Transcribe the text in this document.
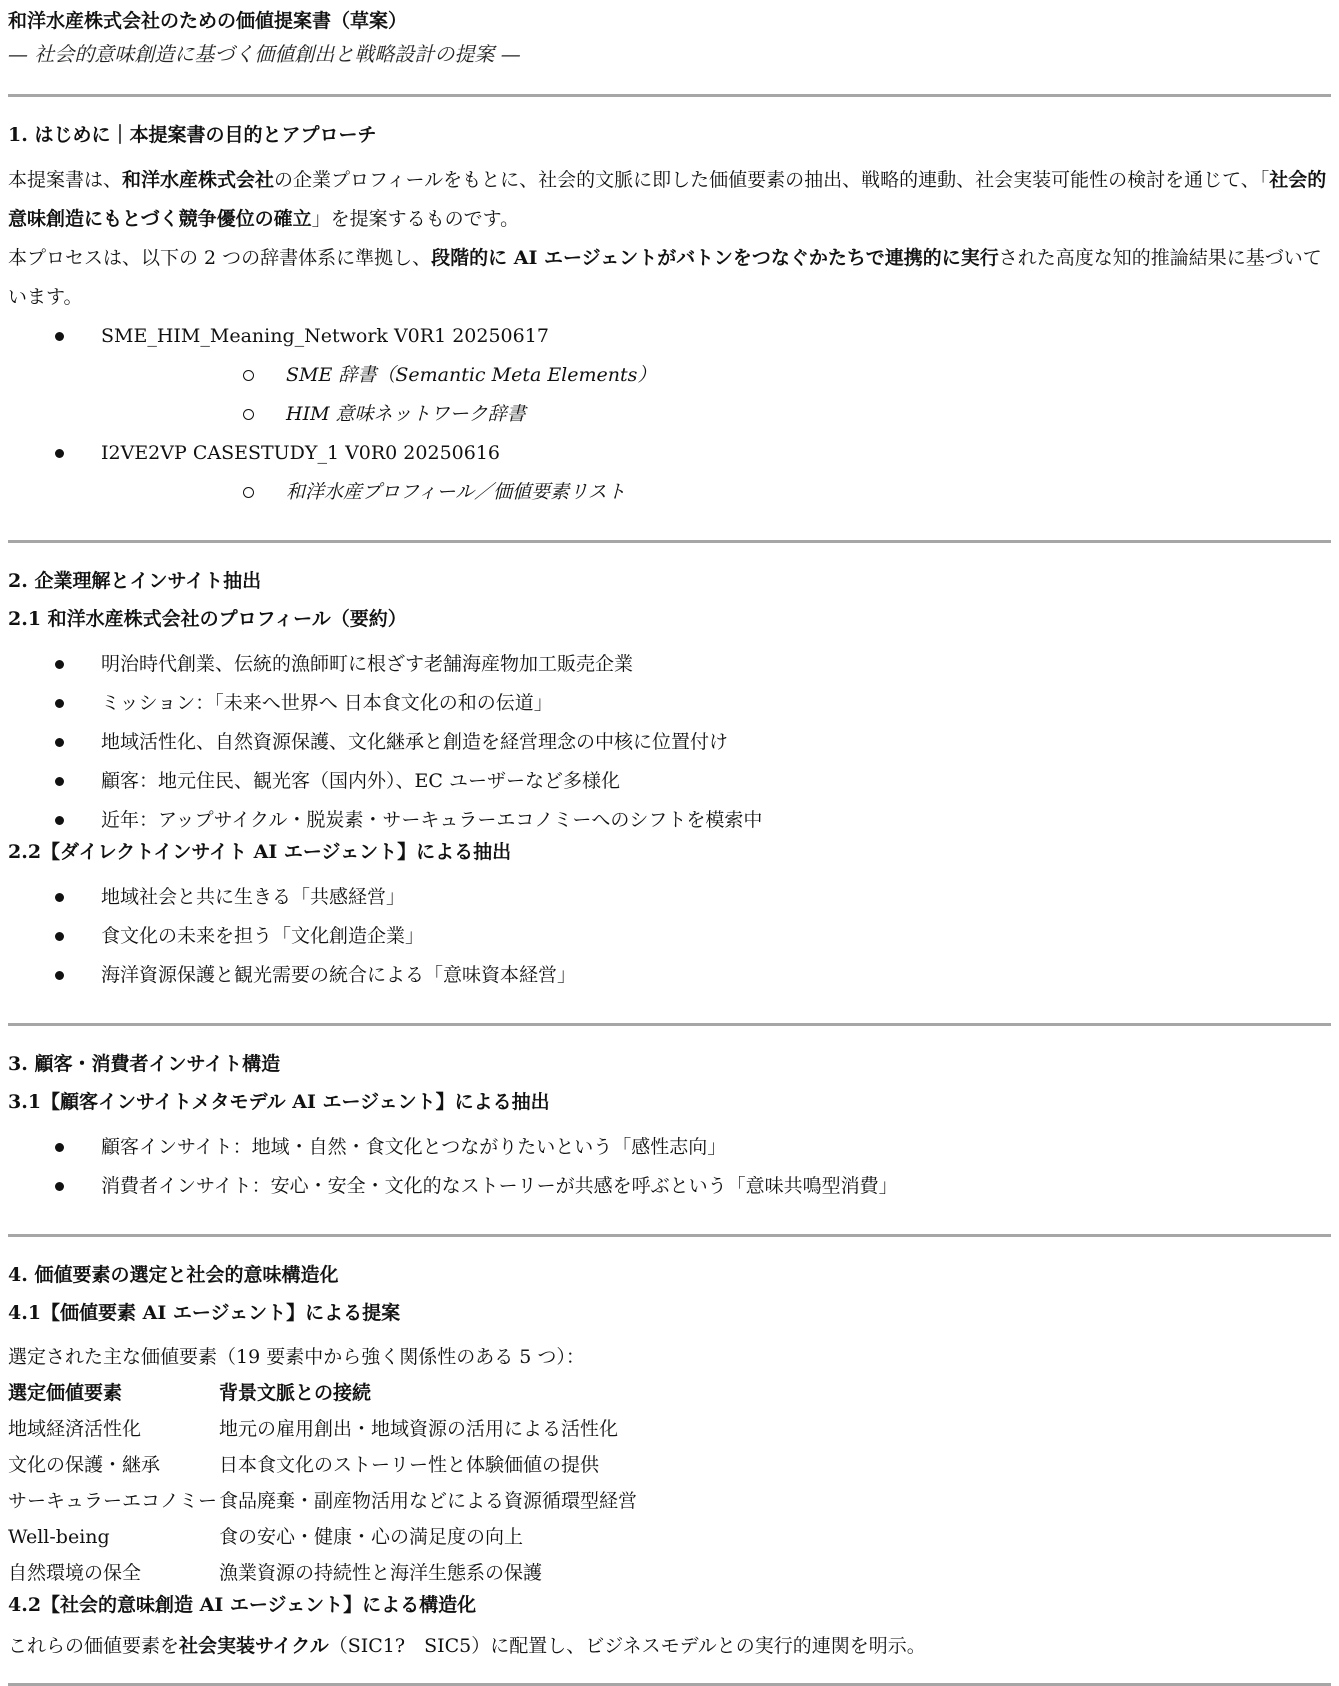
和洋水産株式会社のための価値提案書（草案）
— 社会的意味創造に基づく価値創出と戦略設計の提案 —
1. はじめに｜本提案書の目的とアプローチ

本提案書は、和洋水産株式会社の企業プロフィールをもとに、社会的文脈に即した価値要素の抽出、戦略的連動、社会実装可能性の検討を通じて、「社会的意味創造にもとづく競争優位の確立」を提案するものです。

本プロセスは、以下の 2 つの辞書体系に準拠し、段階的に AI エージェントがバトンをつなぐかたちで連携的に実行された高度な知的推論結果に基づいています。

SME_HIM_Meaning_Network V0R1 20250617
SME 辞書（Semantic Meta Elements）
HIM 意味ネットワーク辞書
I2VE2VP CASESTUDY_1 V0R0 20250616
和洋水産プロフィール／価値要素リスト
2. 企業理解とインサイト抽出
2.1 和洋水産株式会社のプロフィール（要約）
明治時代創業、伝統的漁師町に根ざす老舗海産物加工販売企業
ミッション：「未来へ世界へ 日本食文化の和の伝道」
地域活性化、自然資源保護、文化継承と創造を経営理念の中核に位置付け
顧客：地元住民、観光客（国内外）、EC ユーザーなど多様化
近年：アップサイクル・脱炭素・サーキュラーエコノミーへのシフトを模索中
2.2【ダイレクトインサイト AI エージェント】による抽出
地域社会と共に生きる「共感経営」
食文化の未来を担う「文化創造企業」
海洋資源保護と観光需要の統合による「意味資本経営」
3. 顧客・消費者インサイト構造
3.1【顧客インサイトメタモデル AI エージェント】による抽出
顧客インサイト：地域・自然・食文化とつながりたいという「感性志向」
消費者インサイト：安心・安全・文化的なストーリーが共感を呼ぶという「意味共鳴型消費」
4. 価値要素の選定と社会的意味構造化
4.1【価値要素 AI エージェント】による提案

選定された主な価値要素（19 要素中から強く関係性のある 5 つ）：

選定価値要素	背景文脈との接続
地域経済活性化	地元の雇用創出・地域資源の活用による活性化
文化の保護・継承	日本食文化のストーリー性と体験価値の提供
サーキュラーエコノミー	食品廃棄・副産物活用などによる資源循環型経営
Well-being	食の安心・健康・心の満足度の向上
自然環境の保全	漁業資源の持続性と海洋生態系の保護
4.2【社会的意味創造 AI エージェント】による構造化

これらの価値要素を社会実装サイクル（SIC1?　SIC5）に配置し、ビジネスモデルとの実行的連関を明示。
